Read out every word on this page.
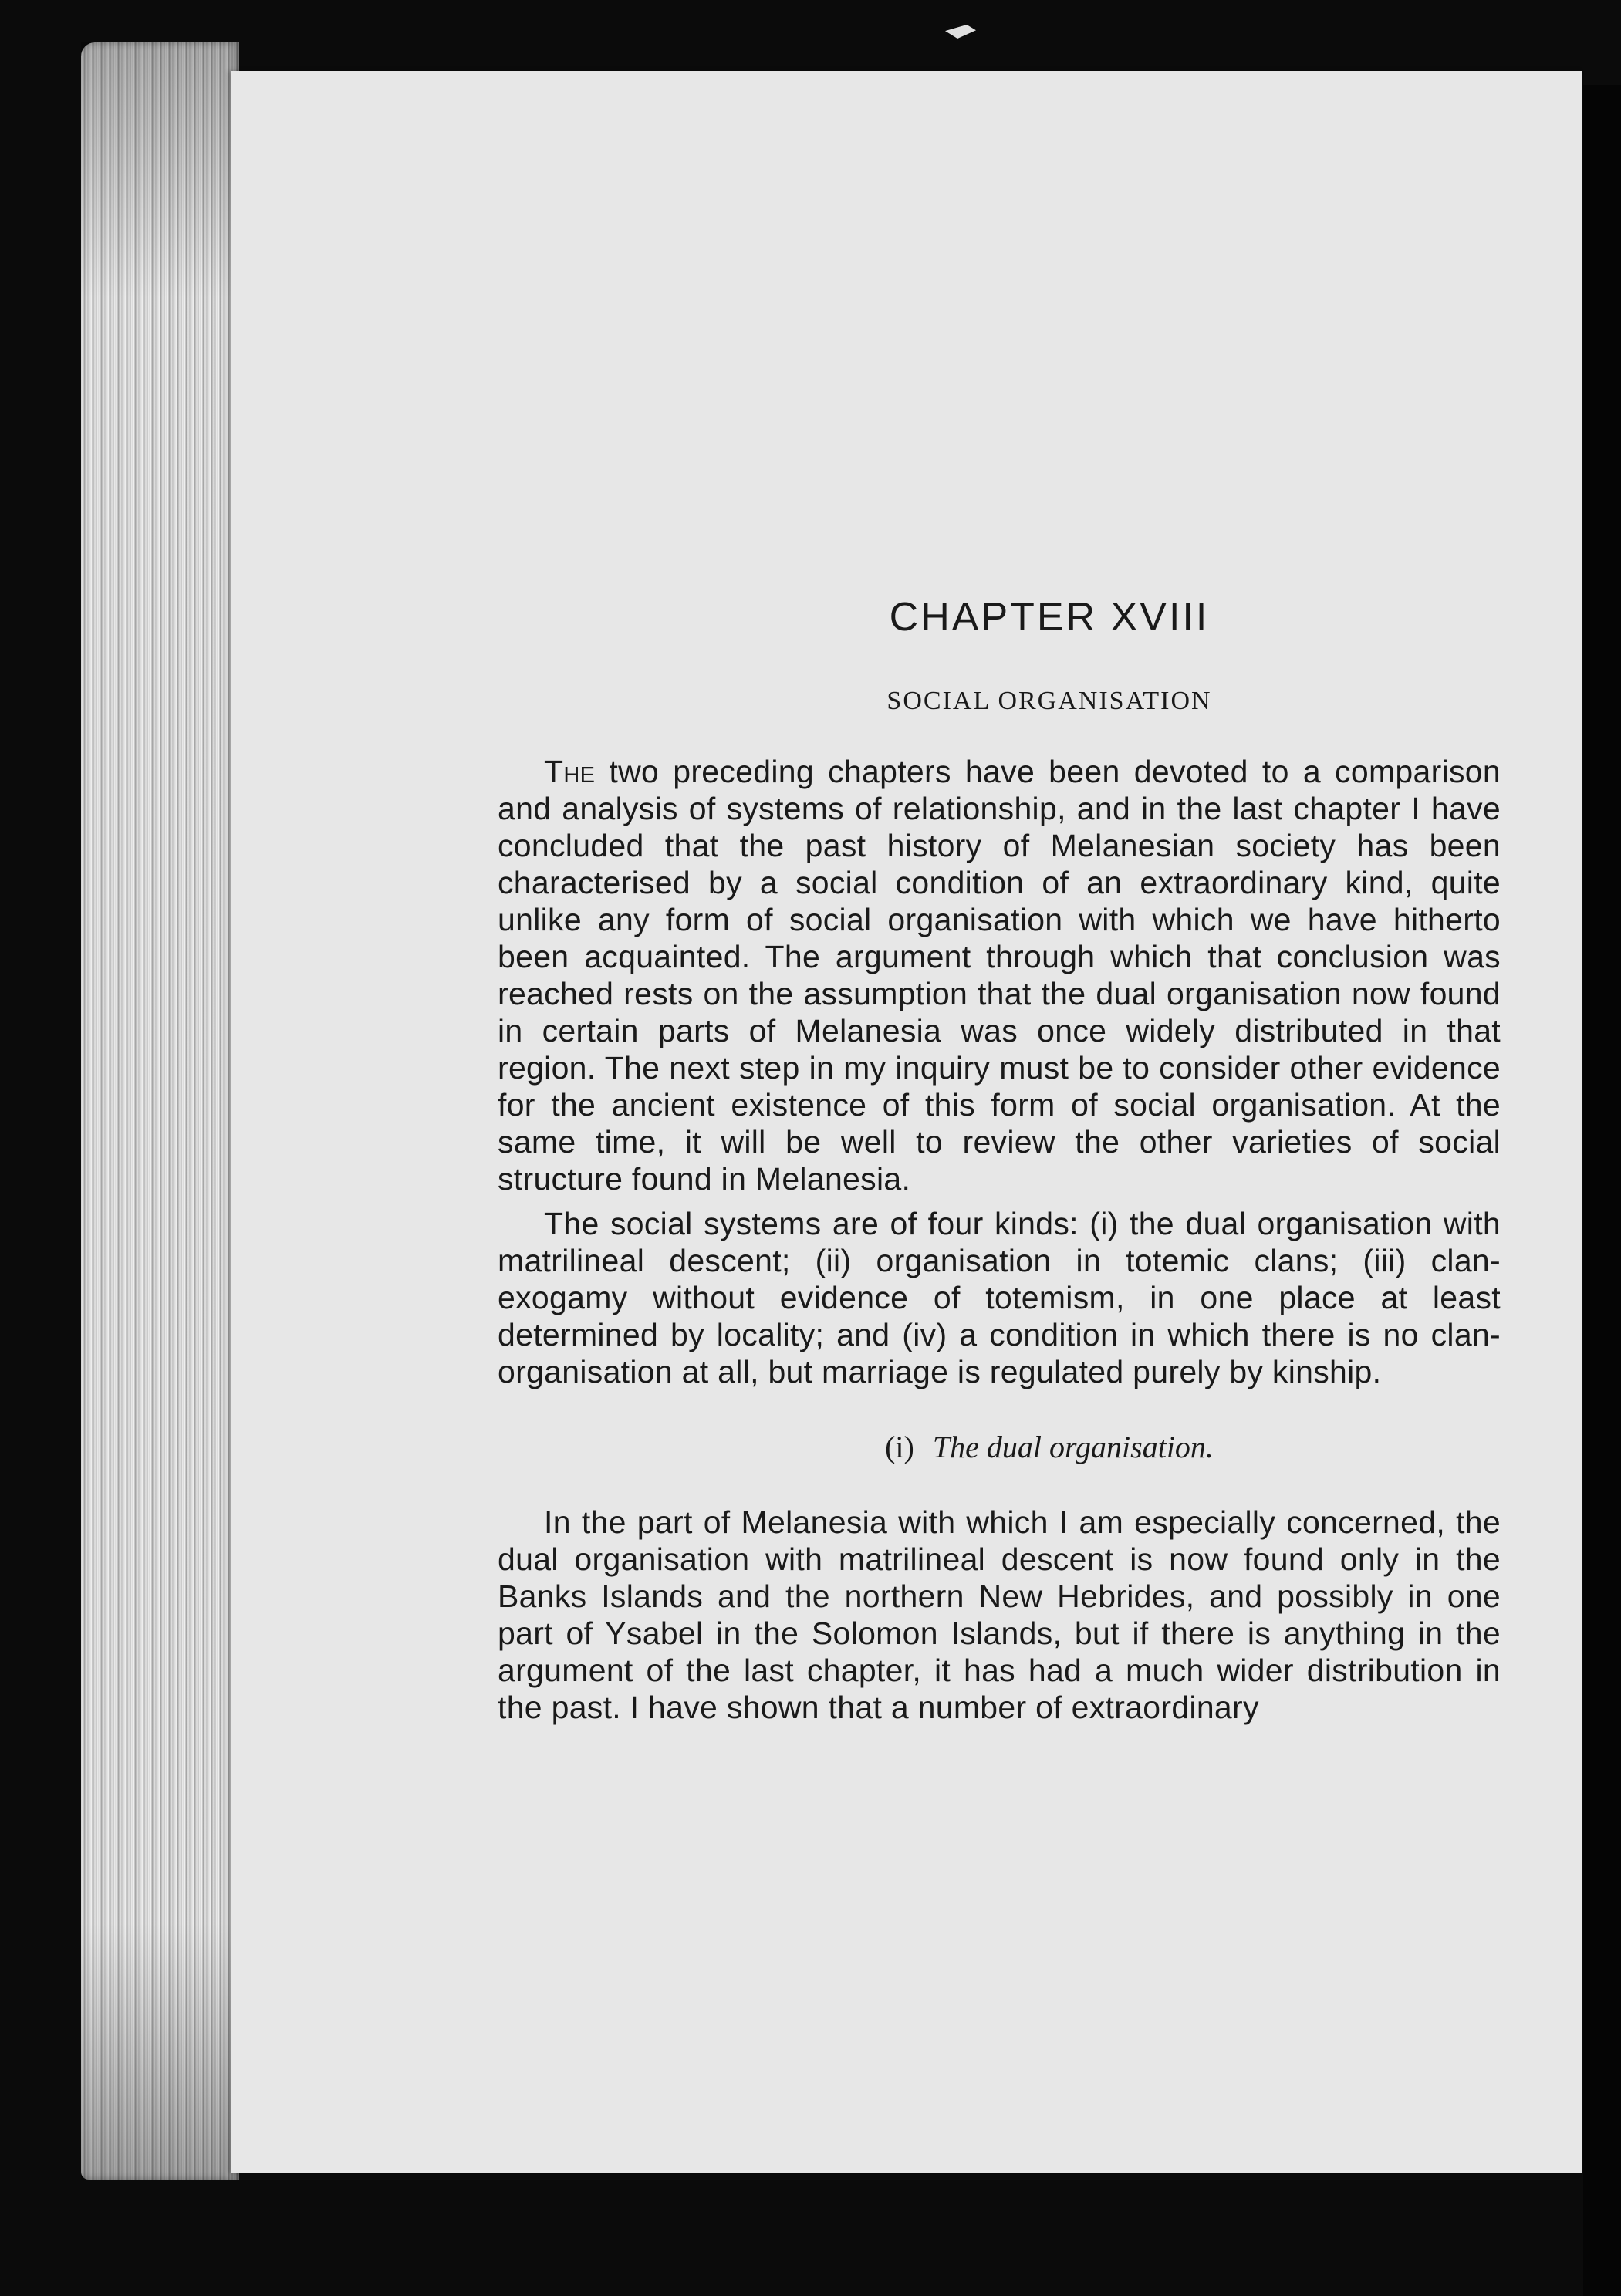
CHAPTER XVIII
SOCIAL ORGANISATION

The two preceding chapters have been devoted to a comparison and analysis of systems of relationship, and in the last chapter I have concluded that the past history of Melanesian society has been characterised by a social condition of an extraordinary kind, quite unlike any form of social organisation with which we have hitherto been acquainted. The argument through which that conclusion was reached rests on the assumption that the dual organisation now found in certain parts of Melanesia was once widely distributed in that region. The next step in my inquiry must be to consider other evidence for the ancient existence of this form of social organisation. At the same time, it will be well to review the other varieties of social structure found in Melanesia.

The social systems are of four kinds: (i) the dual organisation with matrilineal descent; (ii) organisation in totemic clans; (iii) clan-exogamy without evidence of totemism, in one place at least determined by locality; and (iv) a condition in which there is no clan-organisation at all, but marriage is regulated purely by kinship.

(i) The dual organisation.

In the part of Melanesia with which I am especially concerned, the dual organisation with matrilineal descent is now found only in the Banks Islands and the northern New Hebrides, and possibly in one part of Ysabel in the Solomon Islands, but if there is anything in the argument of the last chapter, it has had a much wider distribution in the past. I have shown that a number of extraordinary
